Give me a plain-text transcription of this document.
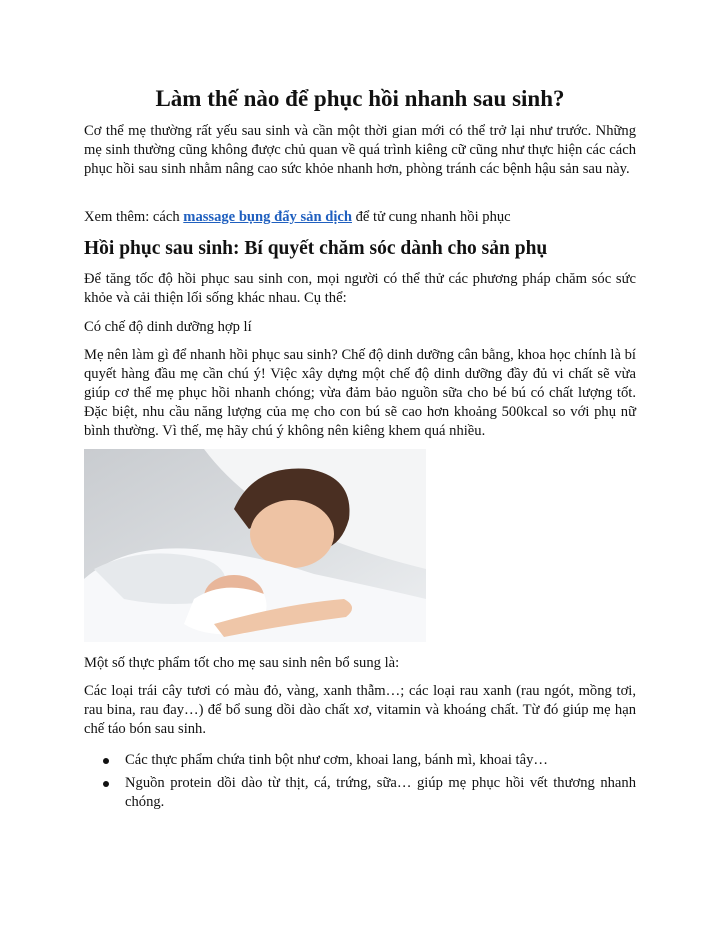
Làm thế nào để phục hồi nhanh sau sinh?

Cơ thể mẹ thường rất yếu sau sinh và cần một thời gian mới có thể trở lại như trước. Những mẹ sinh thường cũng không được chủ quan về quá trình kiêng cữ cũng như thực hiện các cách phục hồi sau sinh nhằm nâng cao sức khỏe nhanh hơn, phòng tránh các bệnh hậu sản sau này.

Xem thêm: cách massage bụng đẩy sản dịch để tử cung nhanh hồi phục

Hồi phục sau sinh: Bí quyết chăm sóc dành cho sản phụ

Để tăng tốc độ hồi phục sau sinh con, mọi người có thể thử các phương pháp chăm sóc sức khỏe và cải thiện lối sống khác nhau. Cụ thể:

Có chế độ dinh dưỡng hợp lí

Mẹ nên làm gì để nhanh hồi phục sau sinh? Chế độ dinh dưỡng cân bằng, khoa học chính là bí quyết hàng đầu mẹ cần chú ý! Việc xây dựng một chế độ dinh dưỡng đầy đủ vi chất sẽ vừa giúp cơ thể mẹ phục hồi nhanh chóng; vừa đảm bảo nguồn sữa cho bé bú có chất lượng tốt. Đặc biệt, nhu cầu năng lượng của mẹ cho con bú sẽ cao hơn khoảng 500kcal so với phụ nữ bình thường. Vì thế, mẹ hãy chú ý không nên kiêng khem quá nhiều.

Một số thực phẩm tốt cho mẹ sau sinh nên bổ sung là:

Các loại trái cây tươi có màu đỏ, vàng, xanh thẫm…; các loại rau xanh (rau ngót, mồng tơi, rau bina, rau đay…) để bổ sung dồi dào chất xơ, vitamin và khoáng chất. Từ đó giúp mẹ hạn chế táo bón sau sinh.

Các thực phẩm chứa tinh bột như cơm, khoai lang, bánh mì, khoai tây…
Nguồn protein dồi dào từ thịt, cá, trứng, sữa… giúp mẹ phục hồi vết thương nhanh chóng.
